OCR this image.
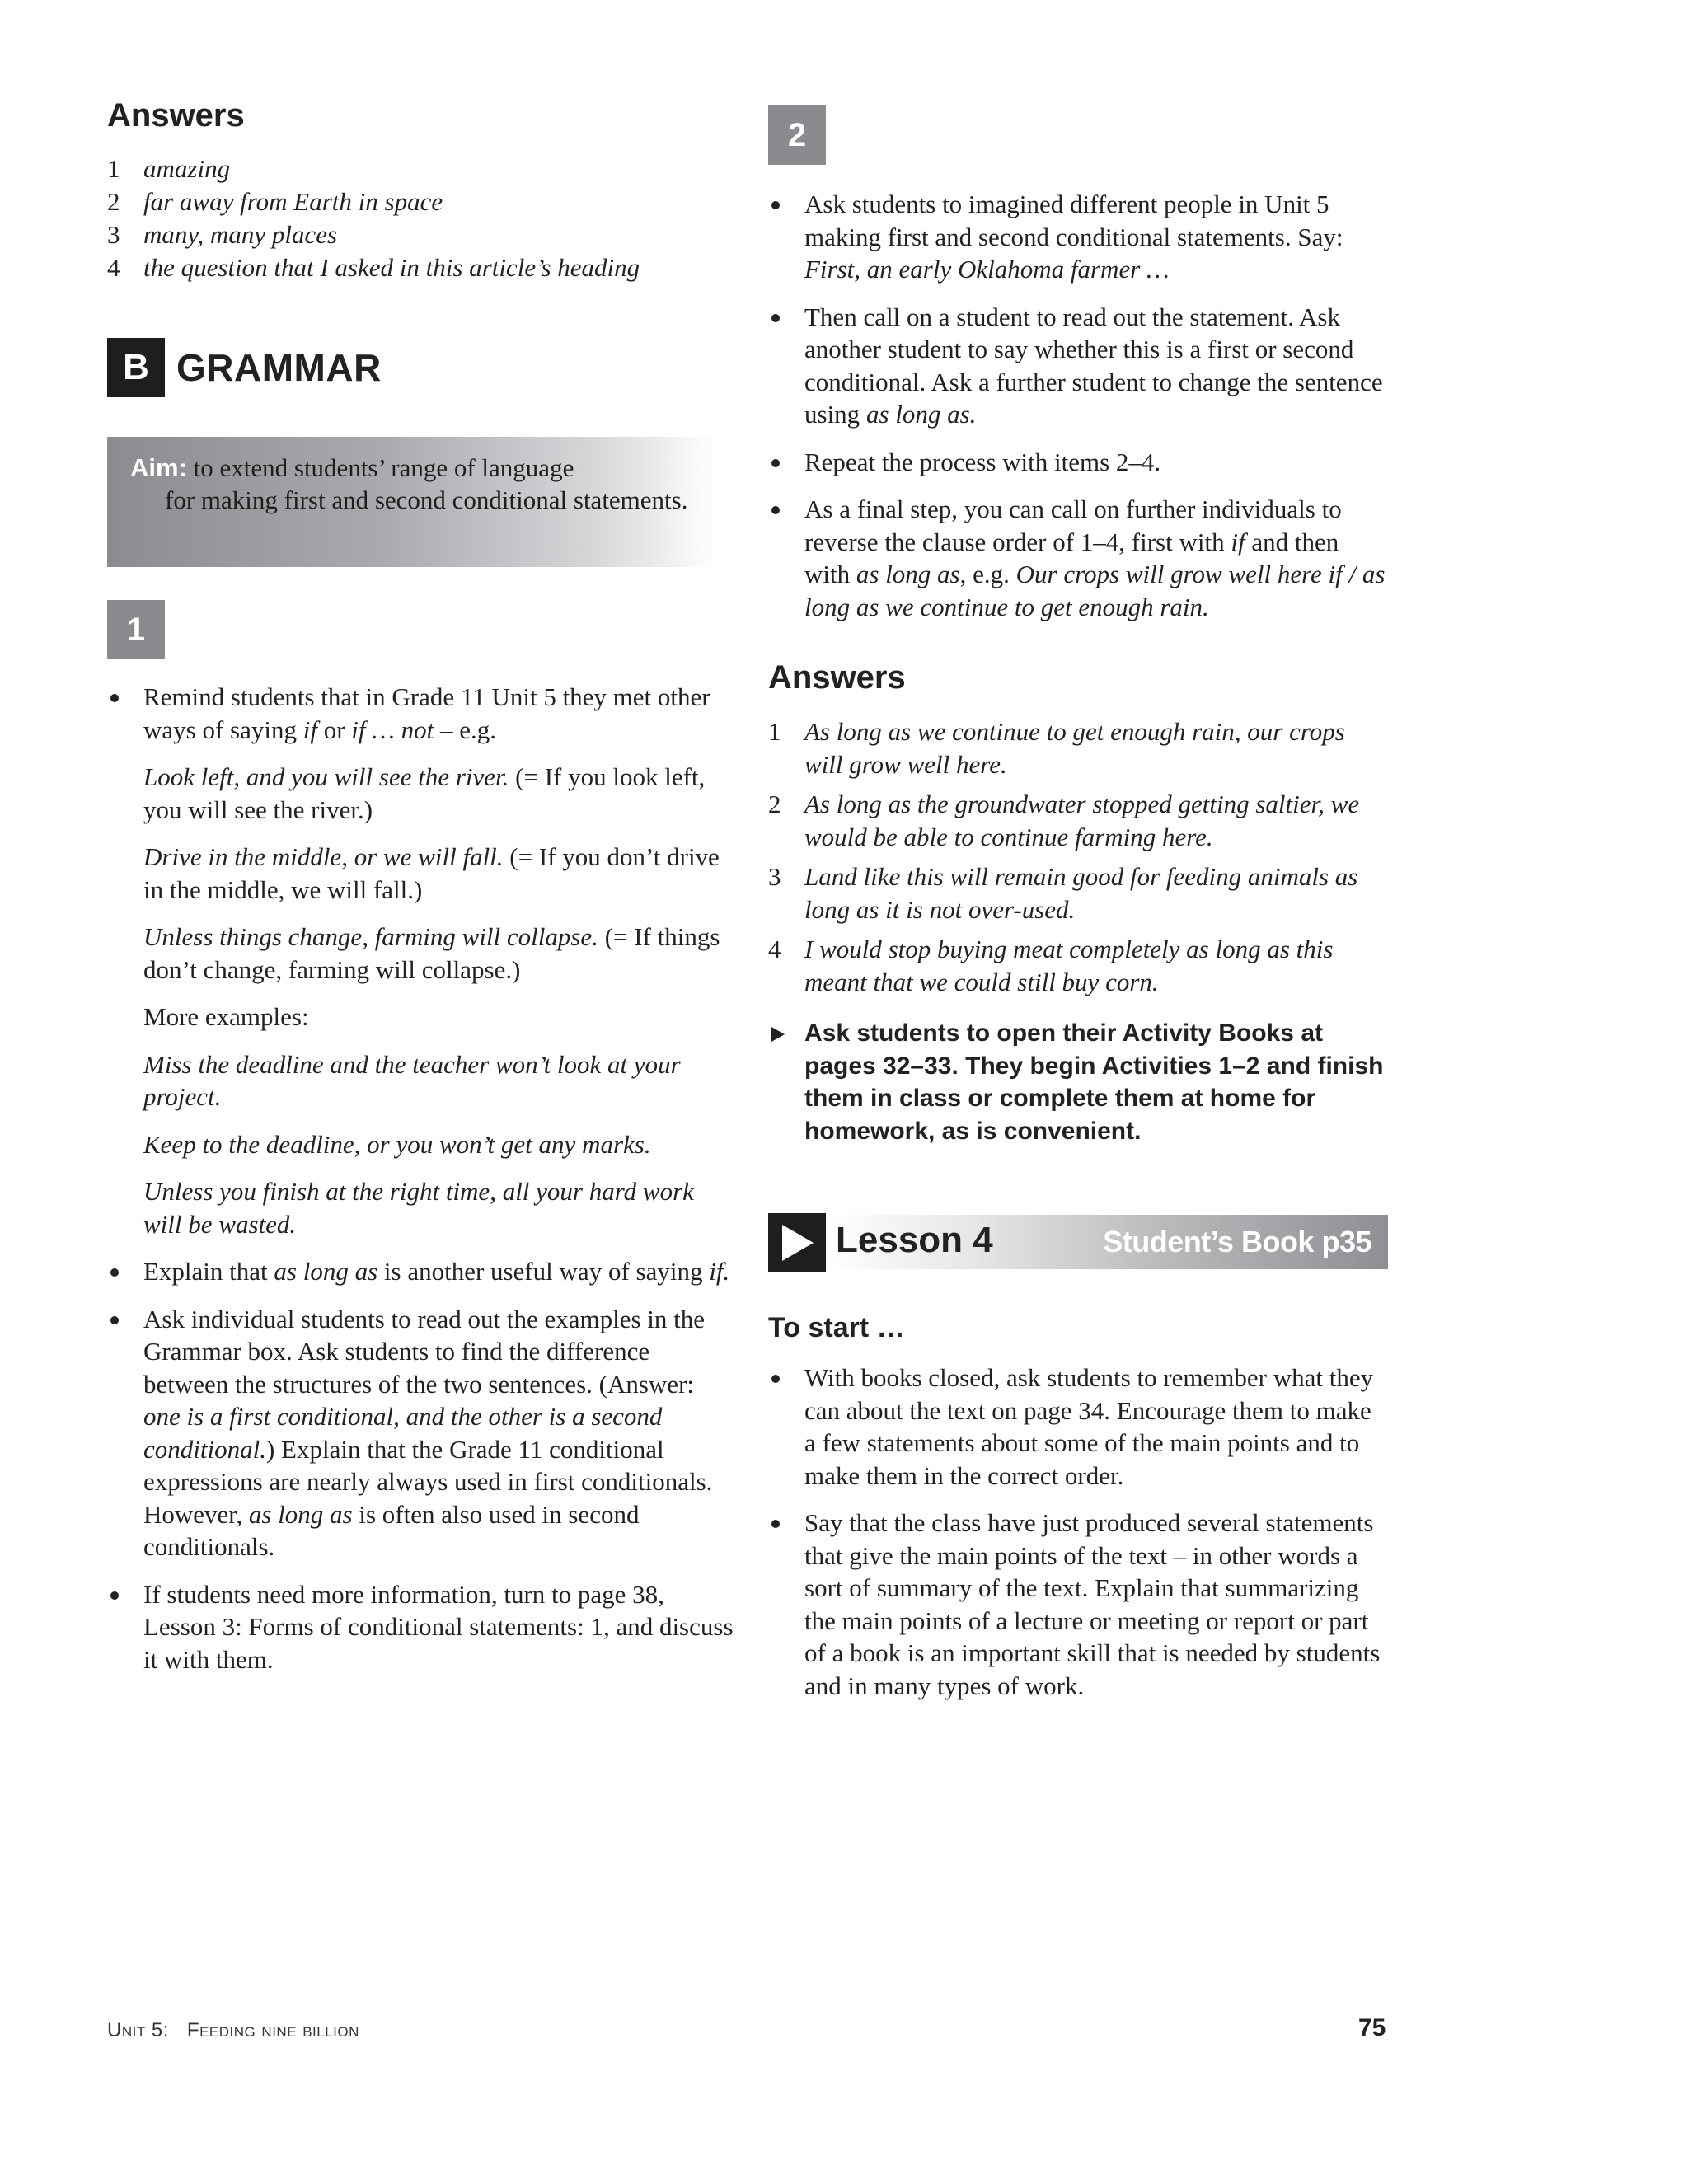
Answers
1 amazing
2 far away from Earth in space
3 many, many places
4 the question that I asked in this article’s heading
B GRAMMAR
Aim: to extend students’ range of language
for making first and second conditional statements.
1

Remind students that in Grade 11 Unit 5 they met other ways of saying if or if … not – e.g.

Look left, and you will see the river. (= If you look left, you will see the river.)

Drive in the middle, or we will fall. (= If you don’t drive in the middle, we will fall.)

Unless things change, farming will collapse. (= If things don’t change, farming will collapse.)

More examples:

Miss the deadline and the teacher won’t look at your project.

Keep to the deadline, or you won’t get any marks.

Unless you finish at the right time, all your hard work will be wasted.

Explain that as long as is another useful way of saying if.
Ask individual students to read out the examples in the Grammar box. Ask students to find the difference between the structures of the two sentences. (Answer: one is a first conditional, and the other is a second conditional.) Explain that the Grade 11 conditional expressions are nearly always used in first conditionals. However, as long as is often also used in second conditionals.
If students need more information, turn to page 38, Lesson 3: Forms of conditional statements: 1, and discuss it with them.
2
Ask students to imagined different people in Unit 5 making first and second conditional statements. Say: First, an early Oklahoma farmer …
Then call on a student to read out the statement. Ask another student to say whether this is a first or second conditional. Ask a further student to change the sentence using as long as.
Repeat the process with items 2–4.
As a final step, you can call on further individuals to reverse the clause order of 1–4, first with if and then with as long as, e.g. Our crops will grow well here if / as long as we continue to get enough rain.
Answers
1 As long as we continue to get enough rain, our crops will grow well here.
2 As long as the groundwater stopped getting saltier, we would be able to continue farming here.
3 Land like this will remain good for feeding animals as long as it is not over-used.
4 I would stop buying meat completely as long as this meant that we could still buy corn.
Ask students to open their Activity Books at pages 32–33. They begin Activities 1–2 and finish them in class or complete them at home for homework, as is convenient.
Lesson 4	Student’s Book p35
To start …
With books closed, ask students to remember what they can about the text on page 34. Encourage them to make a few statements about some of the main points and to make them in the correct order.
Say that the class have just produced several statements that give the main points of the text – in other words a sort of summary of the text. Explain that summarizing the main points of a lecture or meeting or report or part of a book is an important skill that is needed by students and in many types of work.
Unit 5: Feeding nine billion	75
